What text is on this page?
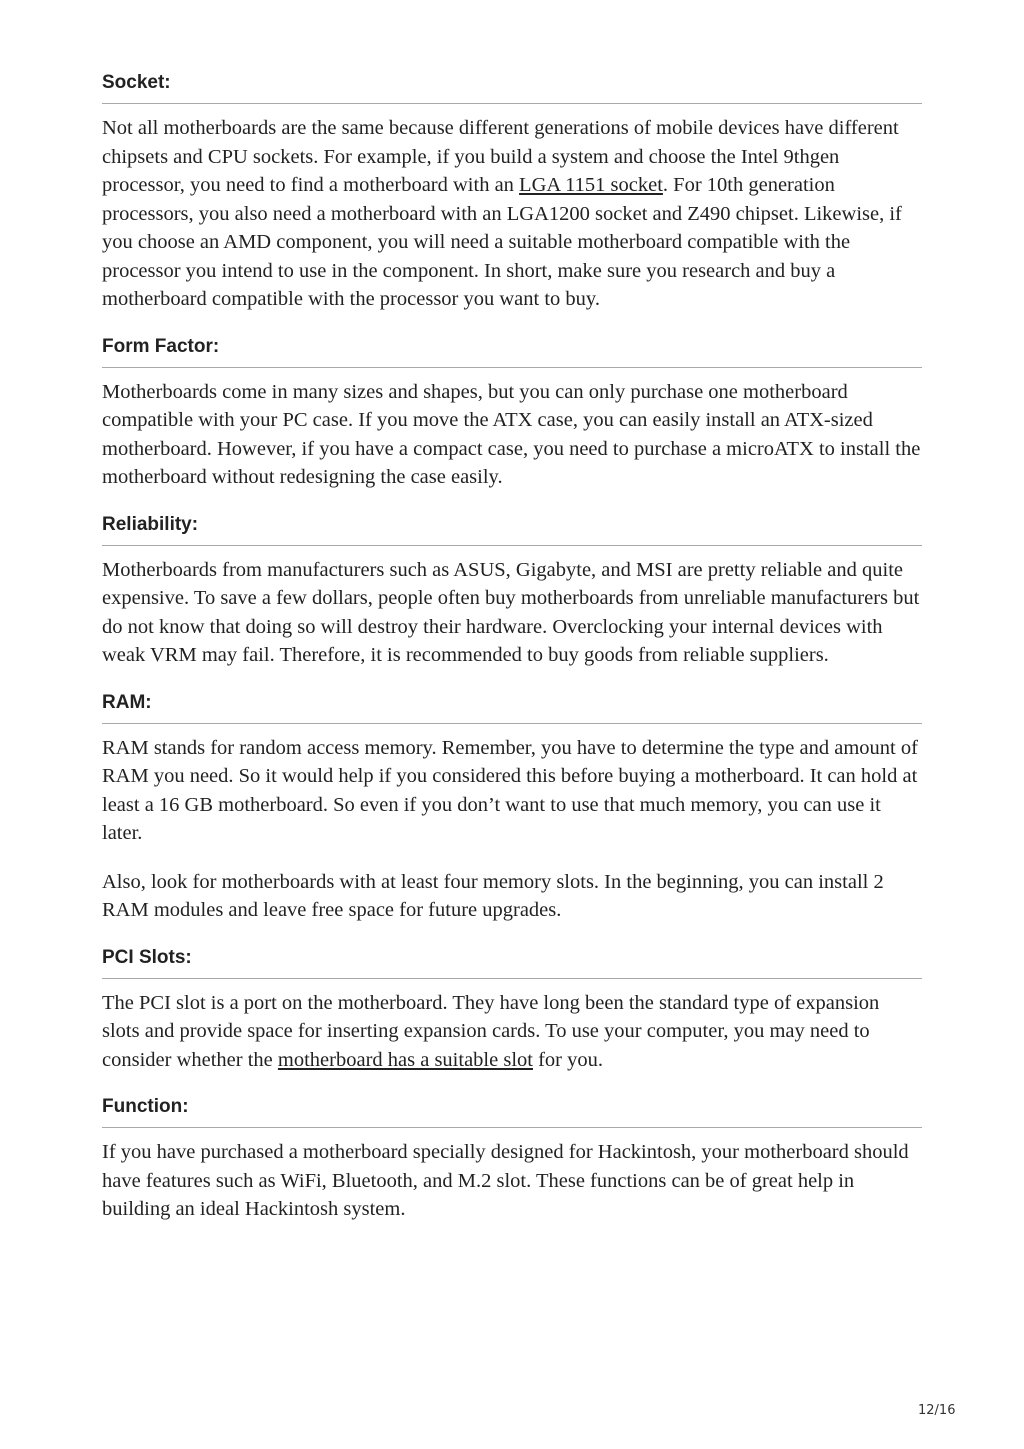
Socket:

Not all motherboards are the same because different generations of mobile devices have different chipsets and CPU sockets. For example, if you build a system and choose the Intel 9thgen processor, you need to find a motherboard with an LGA 1151 socket. For 10th generation processors, you also need a motherboard with an LGA1200 socket and Z490 chipset. Likewise, if you choose an AMD component, you will need a suitable motherboard compatible with the processor you intend to use in the component. In short, make sure you research and buy a motherboard compatible with the processor you want to buy.

Form Factor:

Motherboards come in many sizes and shapes, but you can only purchase one motherboard compatible with your PC case. If you move the ATX case, you can easily install an ATX-sized motherboard. However, if you have a compact case, you need to purchase a microATX to install the motherboard without redesigning the case easily.

Reliability:

Motherboards from manufacturers such as ASUS, Gigabyte, and MSI are pretty reliable and quite expensive. To save a few dollars, people often buy motherboards from unreliable manufacturers but do not know that doing so will destroy their hardware. Overclocking your internal devices with weak VRM may fail. Therefore, it is recommended to buy goods from reliable suppliers.

RAM:

RAM stands for random access memory. Remember, you have to determine the type and amount of RAM you need. So it would help if you considered this before buying a motherboard. It can hold at least a 16 GB motherboard. So even if you don’t want to use that much memory, you can use it later.

Also, look for motherboards with at least four memory slots. In the beginning, you can install 2 RAM modules and leave free space for future upgrades.

PCI Slots:

The PCI slot is a port on the motherboard. They have long been the standard type of expansion slots and provide space for inserting expansion cards. To use your computer, you may need to consider whether the motherboard has a suitable slot for you.

Function:

If you have purchased a motherboard specially designed for Hackintosh, your motherboard should have features such as WiFi, Bluetooth, and M.2 slot. These functions can be of great help in building an ideal Hackintosh system.

12/16
